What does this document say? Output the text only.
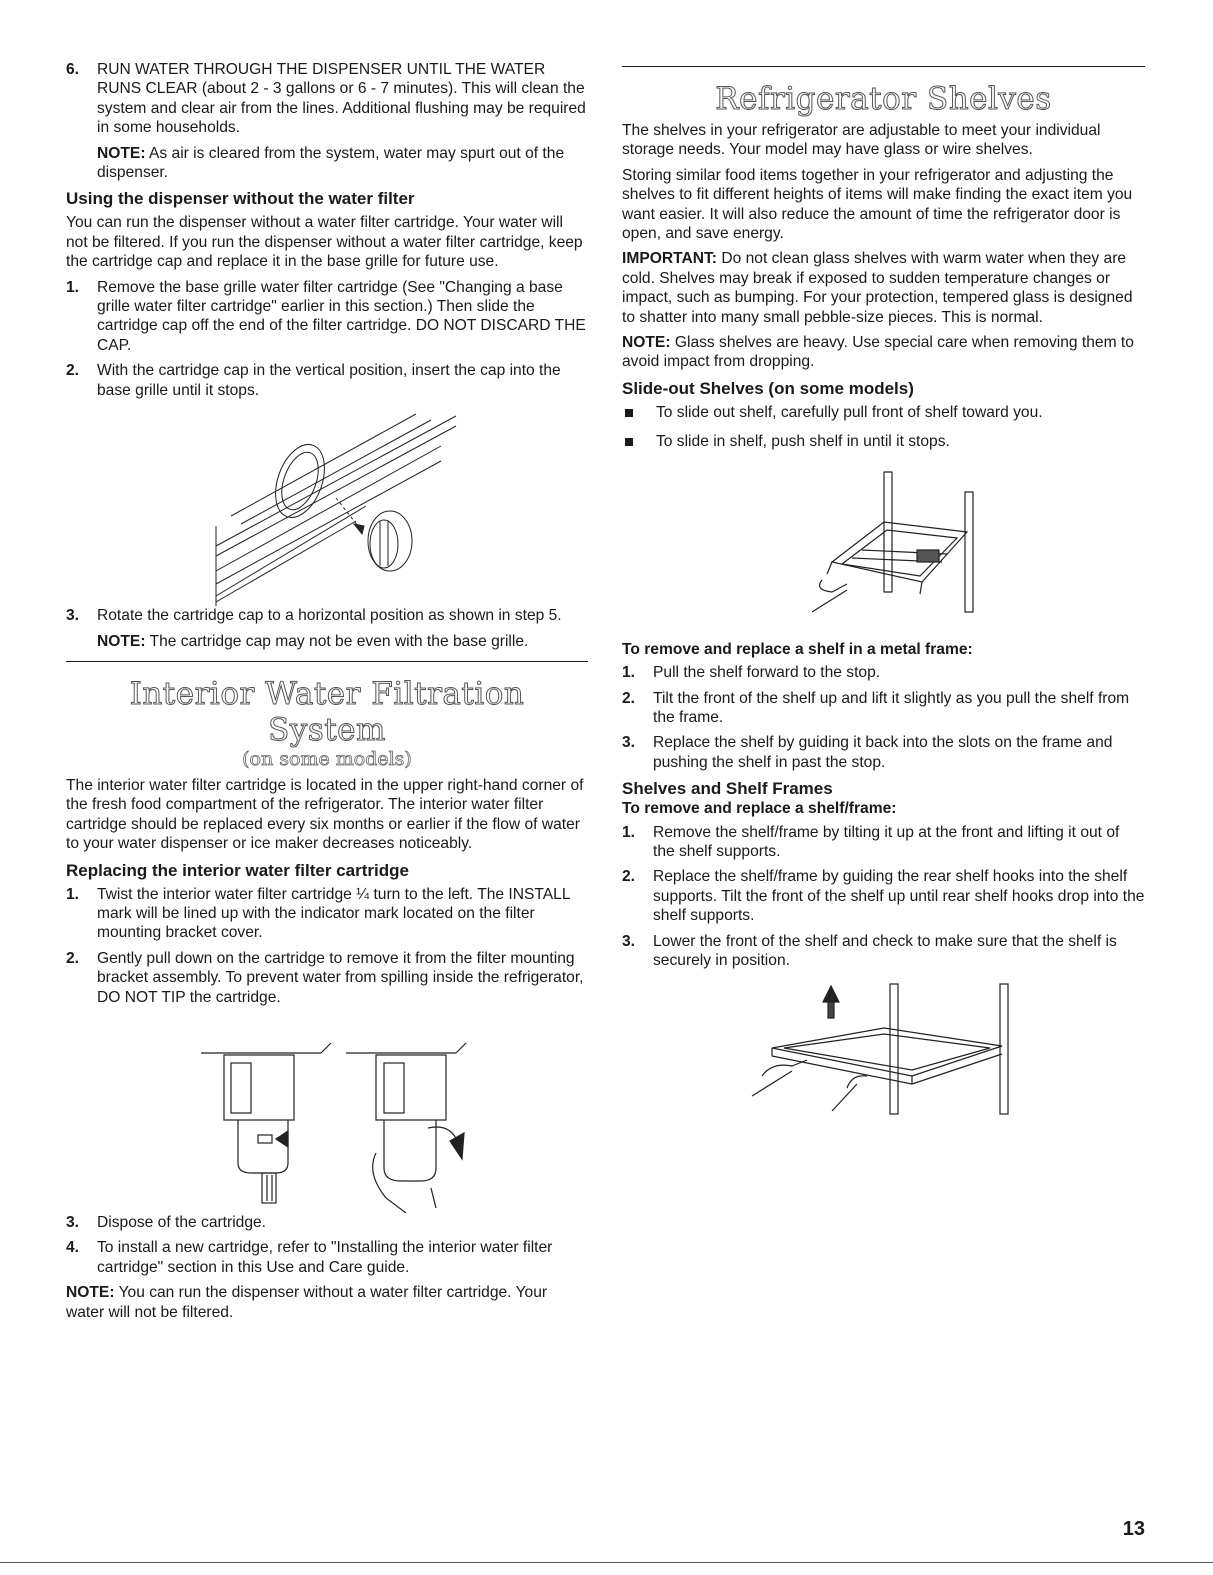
6. RUN WATER THROUGH THE DISPENSER UNTIL THE WATER RUNS CLEAR (about 2 - 3 gallons or 6 - 7 minutes). This will clean the system and clear air from the lines. Additional flushing may be required in some households.
NOTE: As air is cleared from the system, water may spurt out of the dispenser.
Using the dispenser without the water filter

You can run the dispenser without a water filter cartridge. Your water will not be filtered. If you run the dispenser without a water filter cartridge, keep the cartridge cap and replace it in the base grille for future use.

1. Remove the base grille water filter cartridge (See "Changing a base grille water filter cartridge" earlier in this section.) Then slide the cartridge cap off the end of the filter cartridge. DO NOT DISCARD THE CAP.
2. With the cartridge cap in the vertical position, insert the cap into the base grille until it stops.
3. Rotate the cartridge cap to a horizontal position as shown in step 5.
NOTE: The cartridge cap may not be even with the base grille.
Interior Water Filtration System
(on some models)

The interior water filter cartridge is located in the upper right-hand corner of the fresh food compartment of the refrigerator. The interior water filter cartridge should be replaced every six months or earlier if the flow of water to your water dispenser or ice maker decreases noticeably.

Replacing the interior water filter cartridge
1. Twist the interior water filter cartridge ¼ turn to the left. The INSTALL mark will be lined up with the indicator mark located on the filter mounting bracket cover.
2. Gently pull down on the cartridge to remove it from the filter mounting bracket assembly. To prevent water from spilling inside the refrigerator, DO NOT TIP the cartridge.
3. Dispose of the cartridge.
4. To install a new cartridge, refer to "Installing the interior water filter cartridge" section in this Use and Care guide.

NOTE: You can run the dispenser without a water filter cartridge. Your water will not be filtered.

Refrigerator Shelves

The shelves in your refrigerator are adjustable to meet your individual storage needs. Your model may have glass or wire shelves.

Storing similar food items together in your refrigerator and adjusting the shelves to fit different heights of items will make finding the exact item you want easier. It will also reduce the amount of time the refrigerator door is open, and save energy.

IMPORTANT: Do not clean glass shelves with warm water when they are cold. Shelves may break if exposed to sudden temperature changes or impact, such as bumping. For your protection, tempered glass is designed to shatter into many small pebble-size pieces. This is normal.

NOTE: Glass shelves are heavy. Use special care when removing them to avoid impact from dropping.

Slide-out Shelves (on some models)
To slide out shelf, carefully pull front of shelf toward you.
To slide in shelf, push shelf in until it stops.
To remove and replace a shelf in a metal frame:
1. Pull the shelf forward to the stop.
2. Tilt the front of the shelf up and lift it slightly as you pull the shelf from the frame.
3. Replace the shelf by guiding it back into the slots on the frame and pushing the shelf in past the stop.
Shelves and Shelf Frames
To remove and replace a shelf/frame:
1. Remove the shelf/frame by tilting it up at the front and lifting it out of the shelf supports.
2. Replace the shelf/frame by guiding the rear shelf hooks into the shelf supports. Tilt the front of the shelf up until rear shelf hooks drop into the shelf supports.
3. Lower the front of the shelf and check to make sure that the shelf is securely in position.
13
